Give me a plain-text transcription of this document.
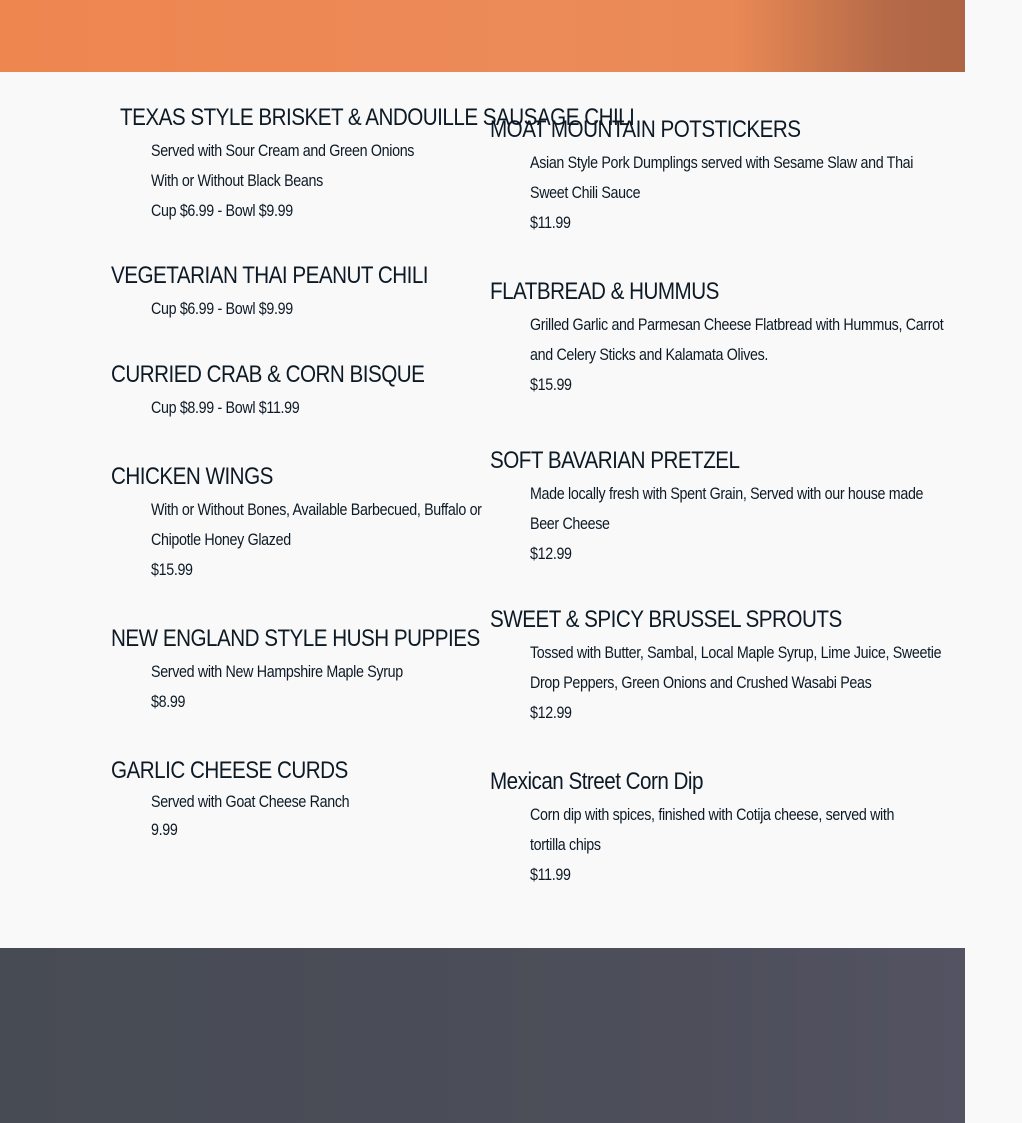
TEXAS STYLE BRISKET & ANDOUILLE SAUSAGE CHILI
Served with Sour Cream and Green Onions
With or Without Black Beans
Cup $6.99 - Bowl $9.99
VEGETARIAN THAI PEANUT CHILI
Cup $6.99 - Bowl $9.99
CURRIED CRAB & CORN BISQUE
Cup $8.99 - Bowl $11.99
CHICKEN WINGS
With or Without Bones, Available Barbecued, Buffalo or
Chipotle Honey Glazed
$15.99
NEW ENGLAND STYLE HUSH PUPPIES
Served with New Hampshire Maple Syrup
$8.99
GARLIC CHEESE CURDS
Served with Goat Cheese Ranch
9.99
MOAT MOUNTAIN POTSTICKERS
Asian Style Pork Dumplings served with Sesame Slaw and Thai
Sweet Chili Sauce
$11.99
FLATBREAD & HUMMUS
Grilled Garlic and Parmesan Cheese Flatbread with Hummus, Carrot
and Celery Sticks and Kalamata Olives.
$15.99
SOFT BAVARIAN PRETZEL
Made locally fresh with Spent Grain, Served with our house made
Beer Cheese
$12.99
SWEET & SPICY BRUSSEL SPROUTS
Tossed with Butter, Sambal, Local Maple Syrup, Lime Juice, Sweetie
Drop Peppers, Green Onions and Crushed Wasabi Peas
$12.99
Mexican Street Corn Dip
Corn dip with spices, finished with Cotija cheese, served with
tortilla chips
$11.99
